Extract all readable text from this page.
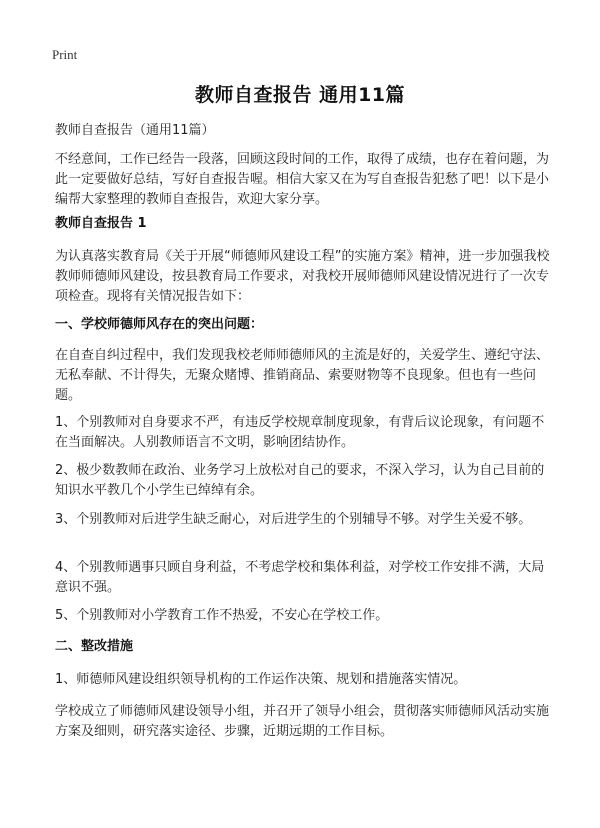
Print
教师自查报告 通用11篇
教师自查报告（通用11篇）
不经意间，工作已经告一段落，回顾这段时间的工作，取得了成绩，也存在着问题，为此一定要做好总结，写好自查报告喔。相信大家又在为写自查报告犯愁了吧！以下是小编帮大家整理的教师自查报告，欢迎大家分享。
教师自查报告 1
为认真落实教育局《关于开展“师德师风建设工程”的实施方案》精神，进一步加强我校教师师德师风建设，按县教育局工作要求，对我校开展师德师风建设情况进行了一次专项检查。现将有关情况报告如下：
一、学校师德师风存在的突出问题：
在自查自纠过程中，我们发现我校老师师德师风的主流是好的，关爱学生、遵纪守法、无私奉献、不计得失，无聚众赌博、推销商品、索要财物等不良现象。但也有一些问题。
1、个别教师对自身要求不严，有违反学校规章制度现象，有背后议论现象，有问题不在当面解决。人别教师语言不文明，影响团结协作。
2、极少数教师在政治、业务学习上放松对自己的要求，不深入学习，认为自己目前的知识水平教几个小学生已绰绰有余。
3、个别教师对后进学生缺乏耐心，对后进学生的个别辅导不够。对学生关爱不够。
4、个别教师遇事只顾自身利益，不考虑学校和集体利益，对学校工作安排不满，大局意识不强。
5、个别教师对小学教育工作不热爱，不安心在学校工作。
二、整改措施
1、师德师风建设组织领导机构的工作运作决策、规划和措施落实情况。
学校成立了师德师风建设领导小组，并召开了领导小组会，贯彻落实师德师风活动实施方案及细则，研究落实途径、步骤，近期远期的工作目标。
